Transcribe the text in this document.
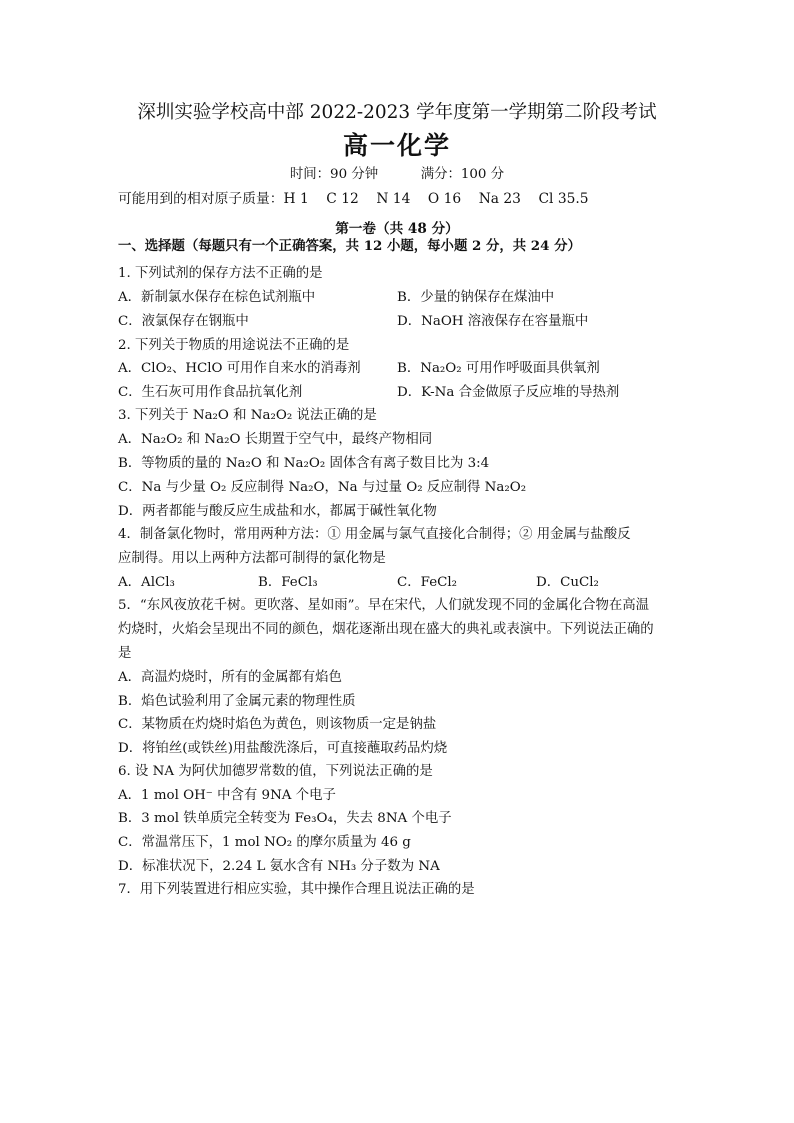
深圳实验学校高中部 2022-2023 学年度第一学期第二阶段考试
高一化学
时间：90 分钟	满分：100 分
可能用到的相对原子质量：H 1    C 12    N 14    O 16    Na 23    Cl 35.5
第一卷（共 48 分）
一、选择题（每题只有一个正确答案，共 12 小题，每小题 2 分，共 24 分）
1. 下列试剂的保存方法不正确的是
A．新制氯水保存在棕色试剂瓶中	B．少量的钠保存在煤油中
C．液氯保存在钢瓶中	D．NaOH 溶液保存在容量瓶中
2. 下列关于物质的用途说法不正确的是
A．ClO₂、HClO 可用作自来水的消毒剂	B．Na₂O₂ 可用作呼吸面具供氧剂
C．生石灰可用作食品抗氧化剂	D．K-Na 合金做原子反应堆的导热剂
3. 下列关于 Na₂O 和 Na₂O₂ 说法正确的是
A．Na₂O₂ 和 Na₂O 长期置于空气中，最终产物相同
B．等物质的量的 Na₂O 和 Na₂O₂ 固体含有离子数目比为 3:4
C．Na 与少量 O₂ 反应制得 Na₂O，Na 与过量 O₂ 反应制得 Na₂O₂
D．两者都能与酸反应生成盐和水，都属于碱性氧化物
4．制备氯化物时，常用两种方法：① 用金属与氯气直接化合制得；② 用金属与盐酸反
应制得。用以上两种方法都可制得的氯化物是
A．AlCl₃	B．FeCl₃	C．FeCl₂	D．CuCl₂
5．“东风夜放花千树。更吹落、星如雨”。早在宋代，人们就发现不同的金属化合物在高温
灼烧时，火焰会呈现出不同的颜色，烟花逐渐出现在盛大的典礼或表演中。下列说法正确的
是
A．高温灼烧时，所有的金属都有焰色
B．焰色试验利用了金属元素的物理性质
C．某物质在灼烧时焰色为黄色，则该物质一定是钠盐
D．将铂丝(或铁丝)用盐酸洗涤后，可直接蘸取药品灼烧
6. 设 NA 为阿伏加德罗常数的值，下列说法正确的是
A．1 mol OH⁻ 中含有 9NA 个电子
B．3 mol 铁单质完全转变为 Fe₃O₄，失去 8NA 个电子
C．常温常压下，1 mol NO₂ 的摩尔质量为 46 g
D．标准状况下，2.24 L 氨水含有 NH₃ 分子数为 NA
7．用下列装置进行相应实验，其中操作合理且说法正确的是
